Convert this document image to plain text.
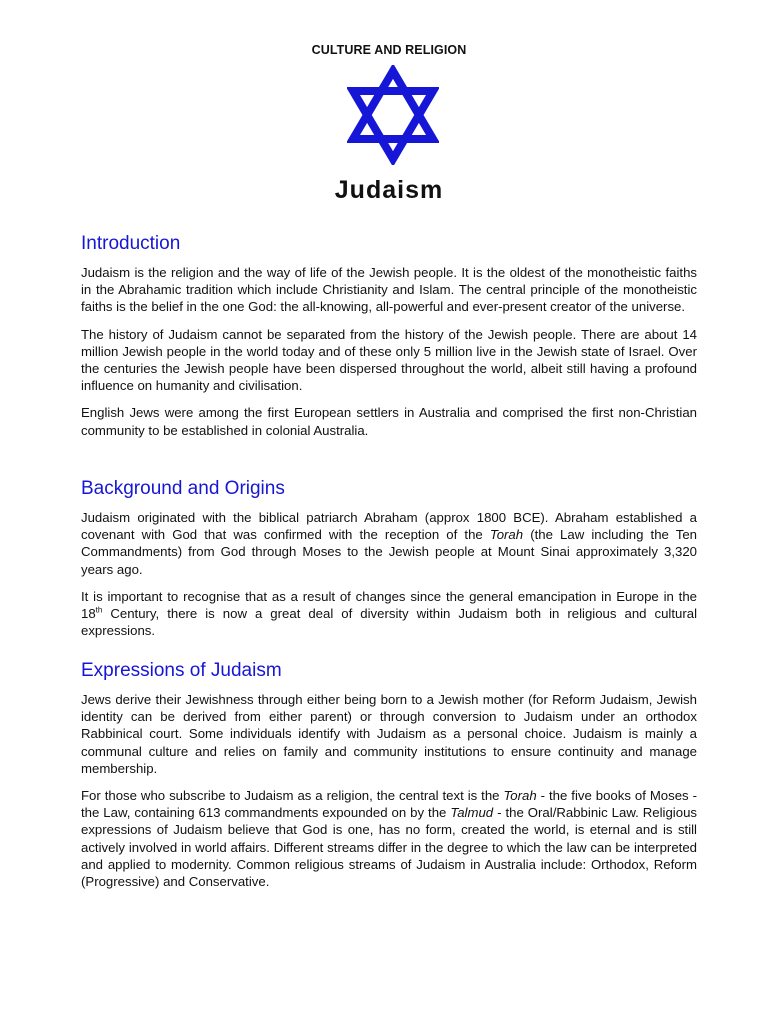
CULTURE AND RELIGION
Judaism
Introduction

Judaism is the religion and the way of life of the Jewish people. It is the oldest of the monotheistic faiths in the Abrahamic tradition which include Christianity and Islam. The central principle of the monotheistic faiths is the belief in the one God: the all-knowing, all-powerful and ever-present creator of the universe.

The history of Judaism cannot be separated from the history of the Jewish people. There are about 14 million Jewish people in the world today and of these only 5 million live in the Jewish state of Israel. Over the centuries the Jewish people have been dispersed throughout the world, albeit still having a profound influence on humanity and civilisation.

English Jews were among the first European settlers in Australia and comprised the first non-Christian community to be established in colonial Australia.

Background and Origins

Judaism originated with the biblical patriarch Abraham (approx 1800 BCE). Abraham established a covenant with God that was confirmed with the reception of the Torah (the Law including the Ten Commandments) from God through Moses to the Jewish people at Mount Sinai approximately 3,320 years ago.

It is important to recognise that as a result of changes since the general emancipation in Europe in the 18th Century, there is now a great deal of diversity within Judaism both in religious and cultural expressions.

Expressions of Judaism

Jews derive their Jewishness through either being born to a Jewish mother (for Reform Judaism, Jewish identity can be derived from either parent) or through conversion to Judaism under an orthodox Rabbinical court. Some individuals identify with Judaism as a personal choice. Judaism is mainly a communal culture and relies on family and community institutions to ensure continuity and manage membership.

For those who subscribe to Judaism as a religion, the central text is the Torah - the five books of Moses - the Law, containing 613 commandments expounded on by the Talmud - the Oral/Rabbinic Law. Religious expressions of Judaism believe that God is one, has no form, created the world, is eternal and is still actively involved in world affairs. Different streams differ in the degree to which the law can be interpreted and applied to modernity. Common religious streams of Judaism in Australia include: Orthodox, Reform (Progressive) and Conservative.
